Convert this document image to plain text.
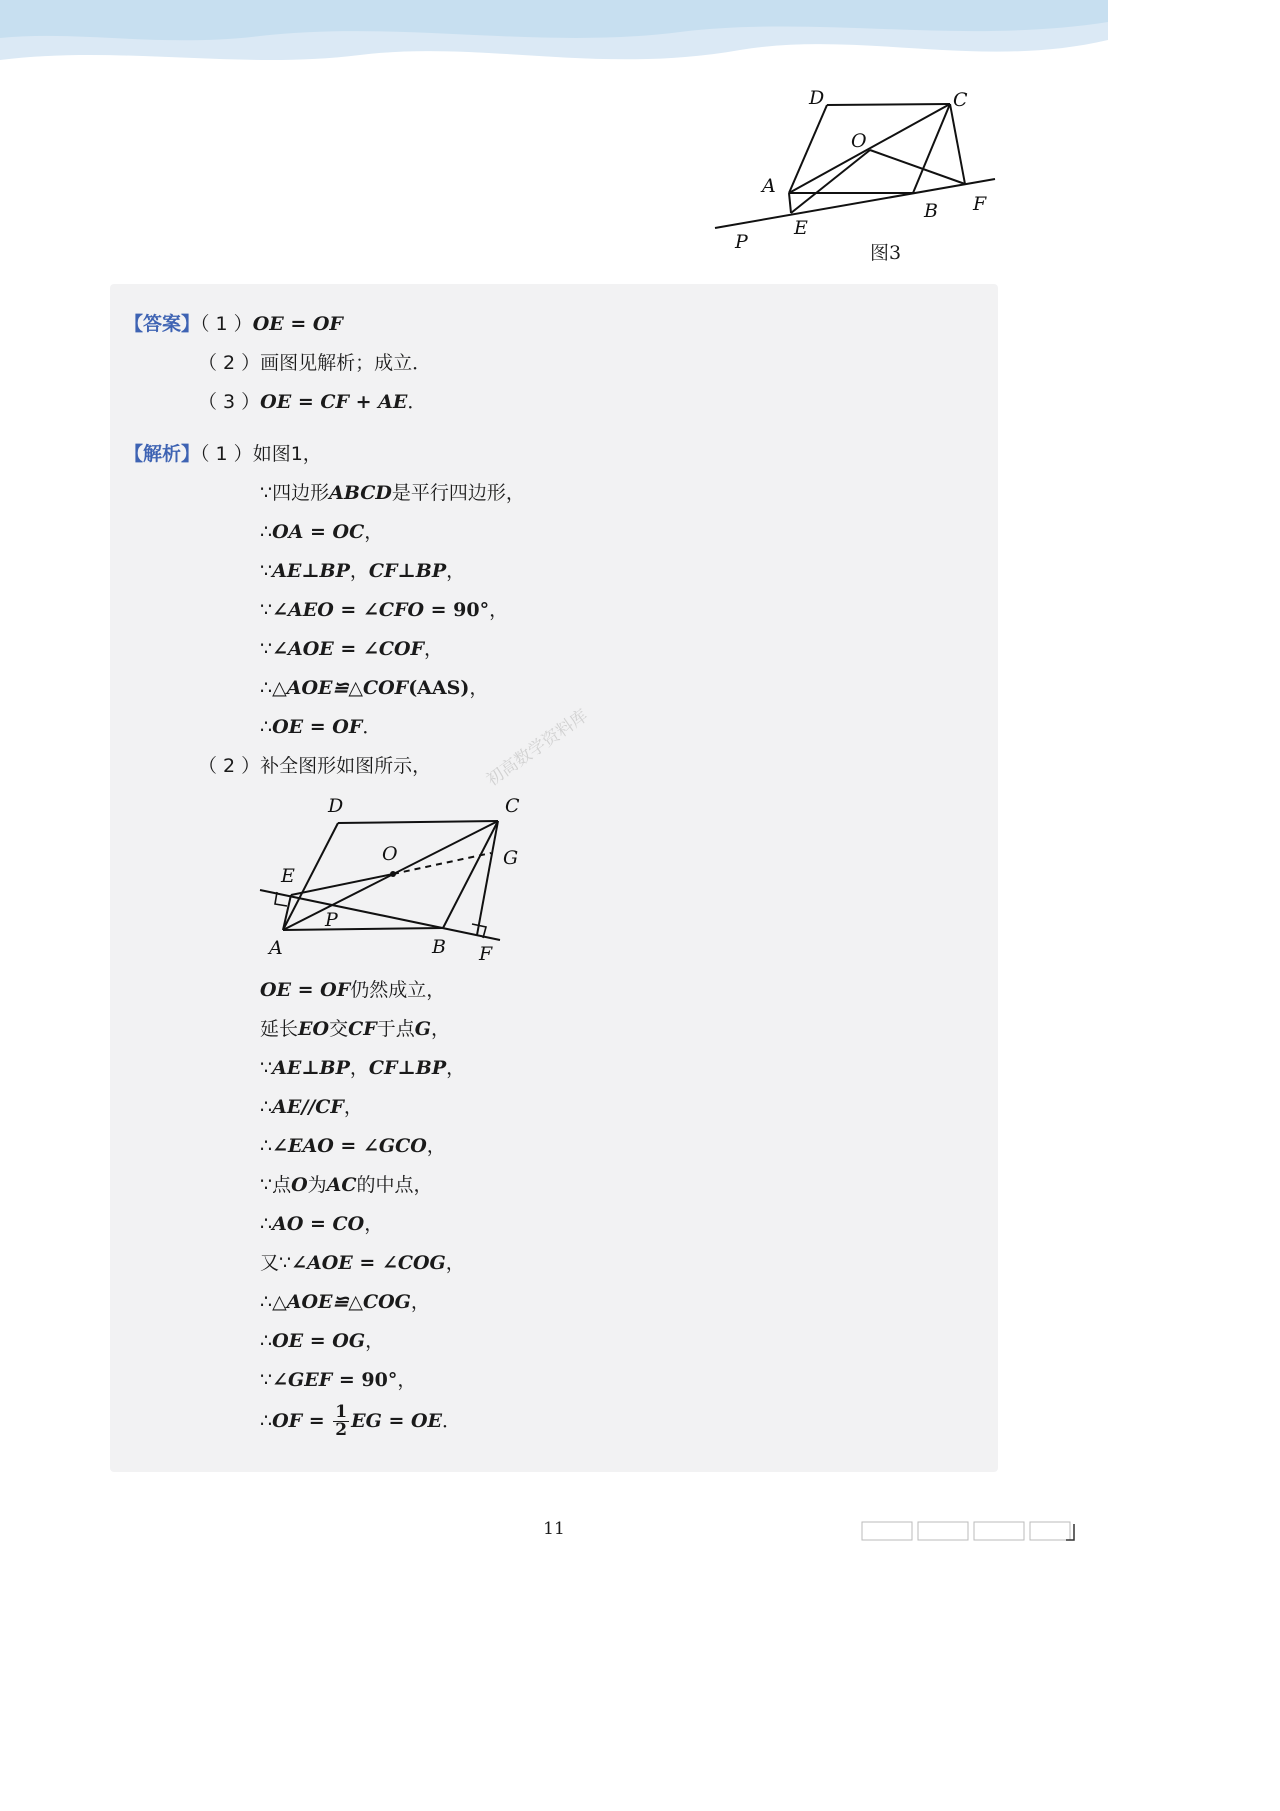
D	C
O
A
B F
E
P	图3
【答案】（ 1 ）OE = OF
（ 2 ）画图见解析；成立．
（ 3 ）OE = CF + AE．
【解析】（ 1 ）如图1，
∵四边形ABCD是平行四边形，
∴OA = OC，
∵AE⊥BP，CF⊥BP，
∵∠AEO = ∠CFO = 90°，
∵∠AOE = ∠COF，
∴△AOE≌△COF(AAS)，
∴OE = OF．
（ 2 ）补全图形如图所示，	初高数学资料库
D	C
O	G
E
P
A	B F
OE = OF仍然成立，
延长EO交CF于点G，
∵AE⊥BP，CF⊥BP，
∴AE//CF，
∴∠EAO = ∠GCO，
∵点O为AC的中点，
∴AO = CO，
又∵∠AOE = ∠COG，
∴△AOE≌△COG，
∴OE = OG，
∵∠GEF = 90°，
∴OF = $\frac{1}{2}$ EG = OE．
11
